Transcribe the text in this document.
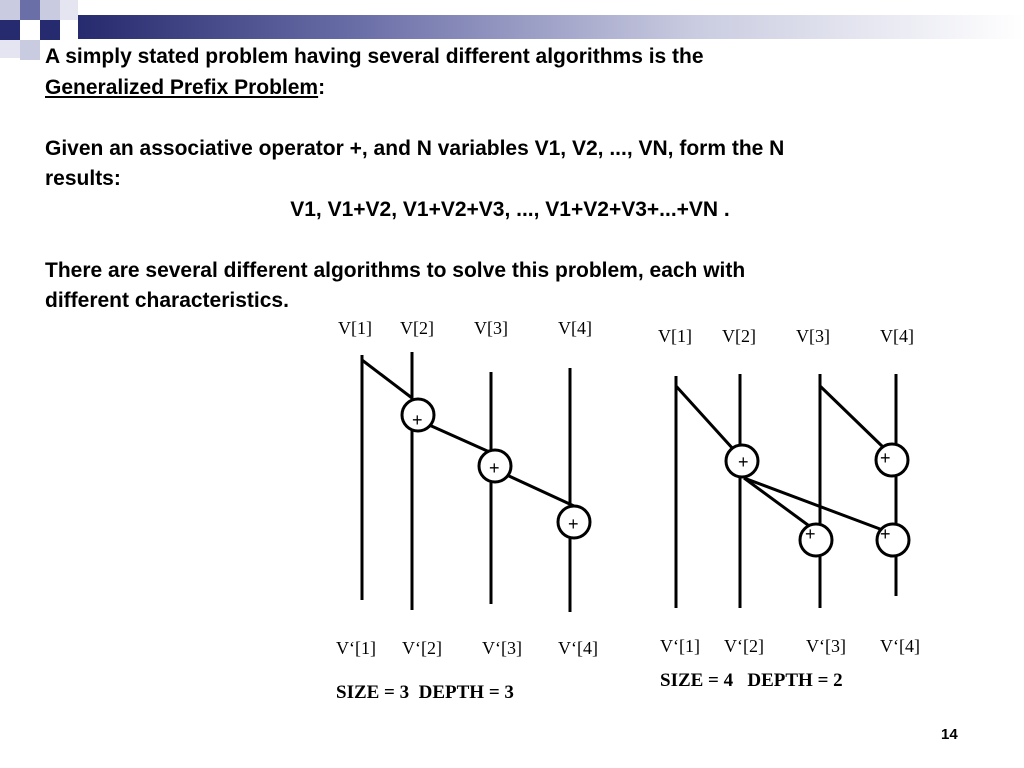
A simply stated problem having several different algorithms is the

Generalized Prefix Problem:

Given an associative operator +, and N variables V1, V2, ..., VN, form the N

results:

V1, V1+V2, V1+V2+V3, ..., V1+V2+V3+...+VN .

There are several different algorithms to solve this problem, each with

different characteristics.

+
+
+
+	+
+	+
V[1] V[2] V[3]	V[4]
V‘[1] V‘[2] V‘[3] V‘[4]
SIZE = 3  DEPTH = 3
V[1] V[2] V[3]	V[4]
V‘[1] V‘[2] V‘[3] V‘[4]
SIZE = 4   DEPTH = 2
14
